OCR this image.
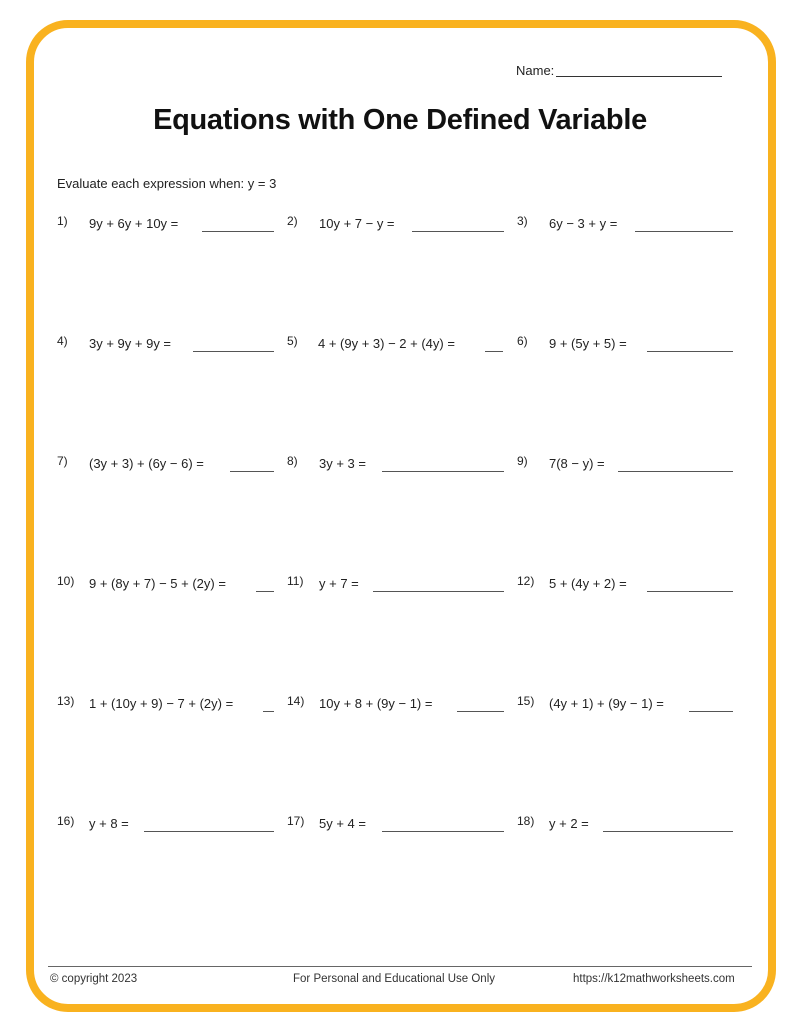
Name:
Equations with One Defined Variable
Evaluate each expression when: y = 3
1) 9y + 6y + 10y =	2) 10y + 7 − y =	3) 6y − 3 + y =
4) 3y + 9y + 9y =	5) 4 + (9y + 3) − 2 + (4y) =	6) 9 + (5y + 5) =
7) (3y + 3) + (6y − 6) =	8) 3y + 3 =	9) 7(8 − y) =
10) 9 + (8y + 7) − 5 + (2y) =	11) y + 7 =	12) 5 + (4y + 2) =
13) 1 + (10y + 9) − 7 + (2y) =	14) 10y + 8 + (9y − 1) =	15) (4y + 1) + (9y − 1) =
16) y + 8 =	17) 5y + 4 =	18) y + 2 =
© copyright 2023	For Personal and Educational Use Only	https://k12mathworksheets.com
